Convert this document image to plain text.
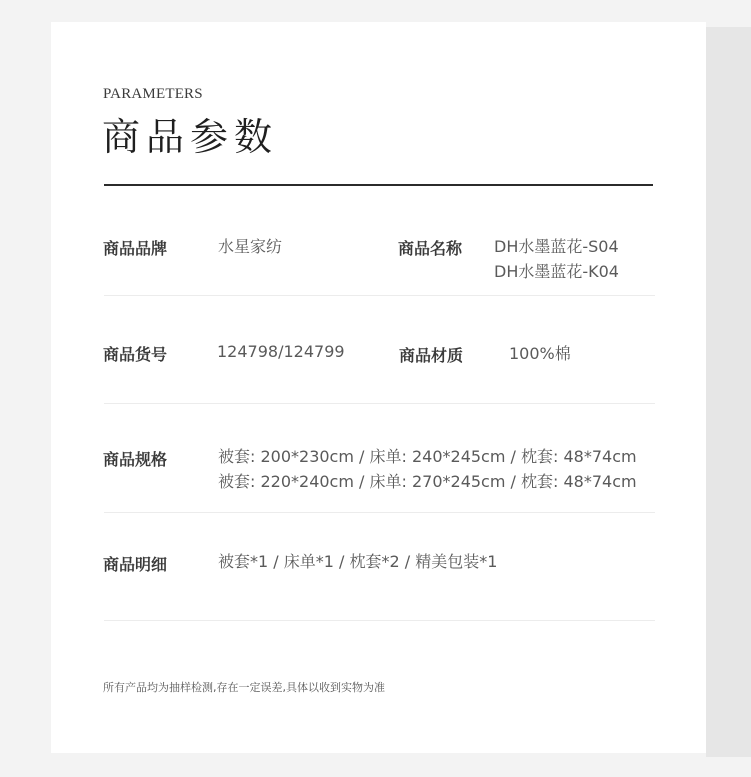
PARAMETERS
商品参数
商品品牌	水星家纺	商品名称 DH水墨蓝花-S04
DH水墨蓝花-K04
商品货号	124798/124799	商品材质	100%棉
商品规格	被套: 200*230cm / 床单: 240*245cm / 枕套: 48*74cm
被套: 220*240cm / 床单: 270*245cm / 枕套: 48*74cm
商品明细	被套*1 / 床单*1 / 枕套*2 / 精美包装*1
所有产品均为抽样检测,存在一定误差,具体以收到实物为准
